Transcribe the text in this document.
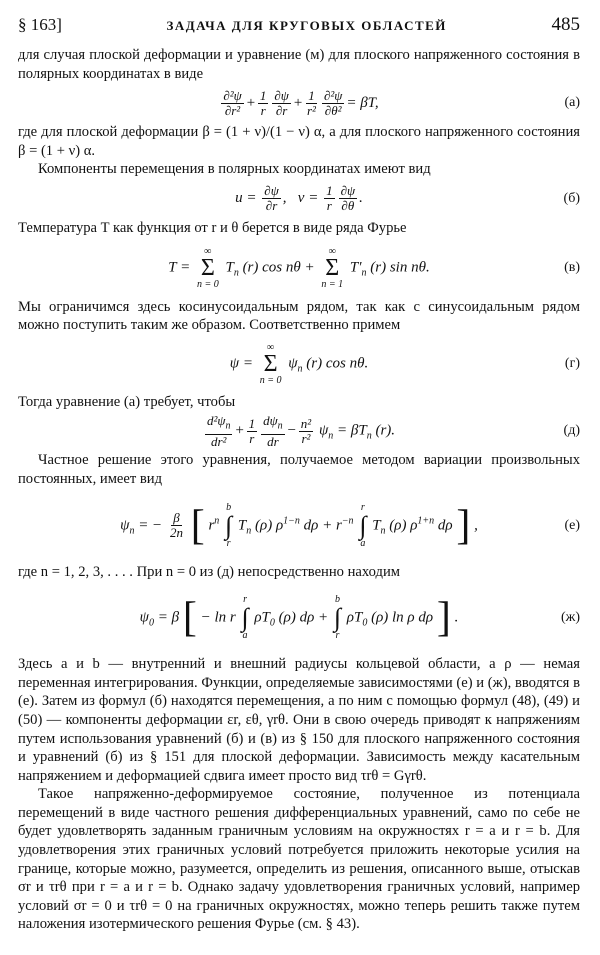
§ 163]	ЗАДАЧА ДЛЯ КРУГОВЫХ ОБЛАСТЕЙ	485

для случая плоской деформации и уравнение (м) для плоского напряженного состояния в полярных координатах в виде

$\frac{\text{∂²ψ}}{\text{∂r²}} + \frac{1}{r} \frac{\partial\psi}{\partial r} + \frac{1}{\text{r²}} \frac{\text{∂²ψ}}{\text{∂θ²}} = \beta T$,	(а)

где для плоской деформации β = (1 + ν)/(1 − ν) α, а для плоского напряженного состояния β = (1 + ν) α.

Компоненты перемещения в полярных координатах имеют вид

$u = \frac{\partial\psi}{\partial r}$ ,   $v = \frac{1}{r} \frac{\partial\psi}{\partial\theta}$ .	(б)

Температура T как функция от r и θ берется в виде ряда Фурье

T =
∞
Σ
n = 0
$T_n$ (r) cos nθ +
∞
Σ
n = 1
$T'_n$ (r) sin nθ.	(в)

Мы ограничимся здесь косинусоидальным рядом, так как с синусоидальным рядом можно поступить таким же образом. Соответственно примем

ψ =
∞
Σ
n = 0
$\psi_n$ (r) cos nθ.	(г)

Тогда уравнение (а) требует, чтобы

$\frac{d^2\psi_n}{\text{dr²}} + \frac{1}{r} d\psi_n$
dr
− $\frac{\text{n²}}{\text{r²}} \psi_n = \beta T_n$ (r).	(д)

Частное решение этого уравнения, получаемое методом вариации произвольных постоянных, имеет вид

$\psi_n$ = − $\frac{\beta}{2n}$ [ $r^n$
b
∫
r
$T_n$ (ρ) $\rho^{1-n}$ $d\rho + r^{-n}$
r
∫
a
$T_n$ (ρ) $\rho^{1+n}$ dρ ] ,	(е)

где n = 1, 2, 3, . . . . При n = 0 из (д) непосредственно находим

$\psi_0 = \beta$ [ − ln r
r
∫
a
$\rho T_0$ (ρ) dρ +
b
∫
r
$\rho T_0$ (ρ) ln ρ dρ ] .	(ж)

Здесь a и b — внутренний и внешний радиусы кольцевой области, а ρ — немая переменная интегрирования. Функции, определяемые зависимостями (е) и (ж), вводятся в (е). Затем из формул (б) находятся перемещения, а по ним с помощью формул (48), (49) и (50) — компоненты деформации εr, εθ, γrθ. Они в свою очередь приводят к напряжениям путем использования уравнений (б) и (в) из § 150 для плоского напряженного состояния и уравнений (б) из § 151 для плоской деформации. Зависимость между касательным напряжением и деформацией сдвига имеет просто вид τrθ = Gγrθ.

Такое напряженно-деформируемое состояние, полученное из потенциала перемещений в виде частного решения дифференциальных уравнений, само по себе не будет удовлетворять заданным граничным условиям на окружностях r = a и r = b. Для удовлетворения этих граничных условий потребуется приложить некоторые усилия на границе, которые можно, разумеется, определить из решения, описанного выше, отыскав σr и τrθ при r = a и r = b. Однако задачу удовлетворения граничных условий, например условий σr = 0 и τrθ = 0 на граничных окружностях, можно теперь решить также путем наложения изотермического решения Фурье (см. § 43).
